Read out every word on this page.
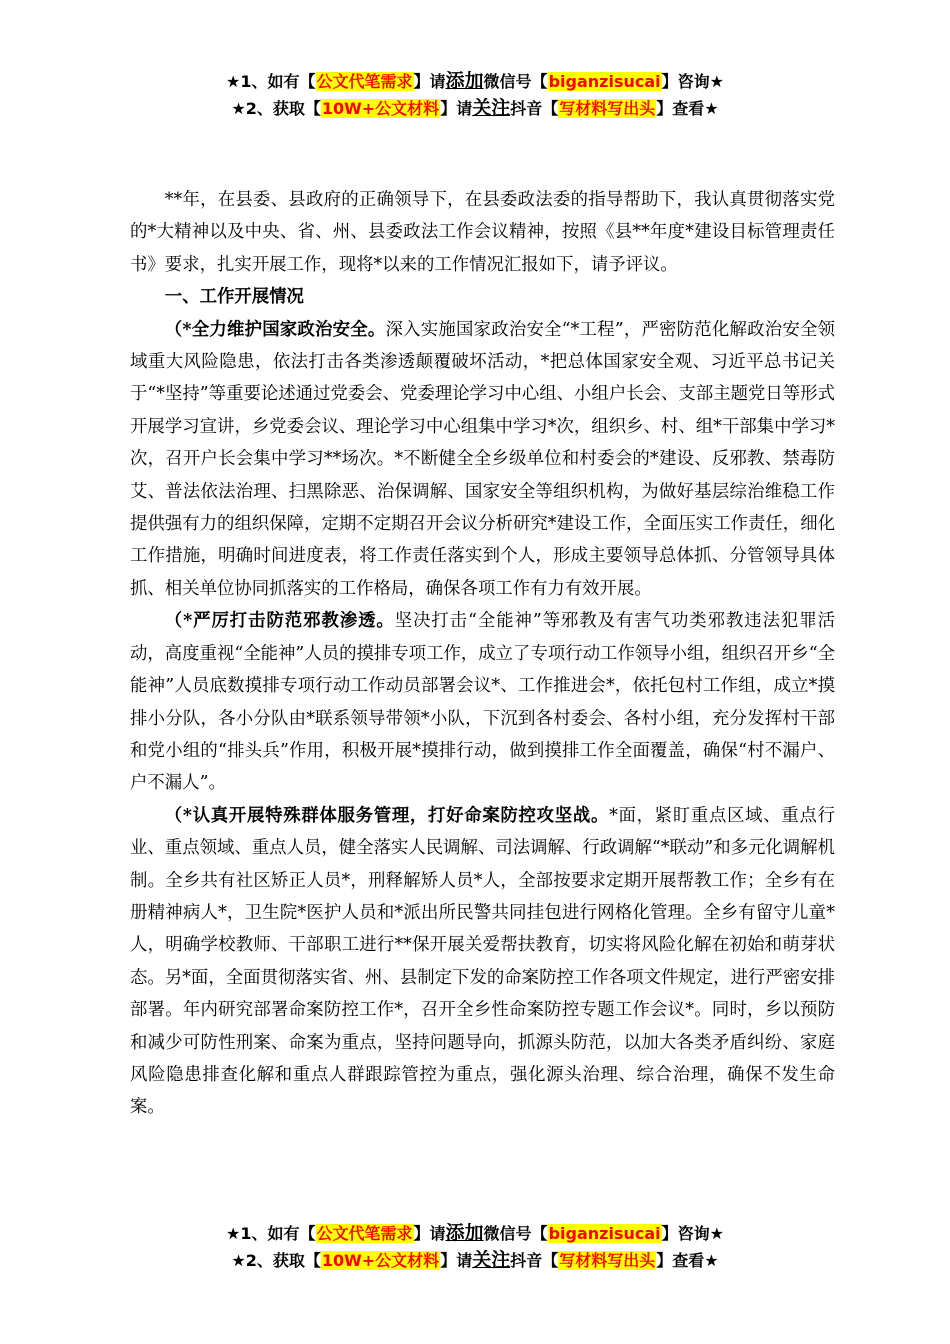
★1、如有【公文代笔需求】请添加微信号【biganzisucai】咨询★
★2、获取【10W+公文材料】请关注抖音【写材料写出头】查看★

**年，在县委、县政府的正确领导下，在县委政法委的指导帮助下，我认真贯彻落实党的*大精神以及中央、省、州、县委政法工作会议精神，按照《县**年度*建设目标管理责任书》要求，扎实开展工作，现将*以来的工作情况汇报如下，请予评议。

一、工作开展情况

（*全力维护国家政治安全。深入实施国家政治安全“*工程”，严密防范化解政治安全领域重大风险隐患，依法打击各类渗透颠覆破坏活动，*把总体国家安全观、习近平总书记关于“*坚持”等重要论述通过党委会、党委理论学习中心组、小组户长会、支部主题党日等形式开展学习宣讲，乡党委会议、理论学习中心组集中学习*次，组织乡、村、组*干部集中学习*次，召开户长会集中学习**场次。*不断健全全乡级单位和村委会的*建设、反邪教、禁毒防艾、普法依法治理、扫黑除恶、治保调解、国家安全等组织机构，为做好基层综治维稳工作提供强有力的组织保障，定期不定期召开会议分析研究*建设工作，全面压实工作责任，细化工作措施，明确时间进度表，将工作责任落实到个人，形成主要领导总体抓、分管领导具体抓、相关单位协同抓落实的工作格局，确保各项工作有力有效开展。

（*严厉打击防范邪教渗透。坚决打击“全能神”等邪教及有害气功类邪教违法犯罪活动，高度重视“全能神”人员的摸排专项工作，成立了专项行动工作领导小组，组织召开乡“全能神”人员底数摸排专项行动工作动员部署会议*、工作推进会*，依托包村工作组，成立*摸排小分队，各小分队由*联系领导带领*小队，下沉到各村委会、各村小组，充分发挥村干部和党小组的“排头兵”作用，积极开展*摸排行动，做到摸排工作全面覆盖，确保“村不漏户、户不漏人”。

（*认真开展特殊群体服务管理，打好命案防控攻坚战。*面，紧盯重点区域、重点行业、重点领域、重点人员，健全落实人民调解、司法调解、行政调解“*联动”和多元化调解机制。全乡共有社区矫正人员*，刑释解矫人员*人，全部按要求定期开展帮教工作；全乡有在册精神病人*，卫生院*医护人员和*派出所民警共同挂包进行网格化管理。全乡有留守儿童*人，明确学校教师、干部职工进行**保开展关爱帮扶教育，切实将风险化解在初始和萌芽状态。另*面，全面贯彻落实省、州、县制定下发的命案防控工作各项文件规定，进行严密安排部署。年内研究部署命案防控工作*，召开全乡性命案防控专题工作会议*。同时，乡以预防和减少可防性刑案、命案为重点，坚持问题导向，抓源头防范，以加大各类矛盾纠纷、家庭风险隐患排查化解和重点人群跟踪管控为重点，强化源头治理、综合治理，确保不发生命案。

★1、如有【公文代笔需求】请添加微信号【biganzisucai】咨询★
★2、获取【10W+公文材料】请关注抖音【写材料写出头】查看★
